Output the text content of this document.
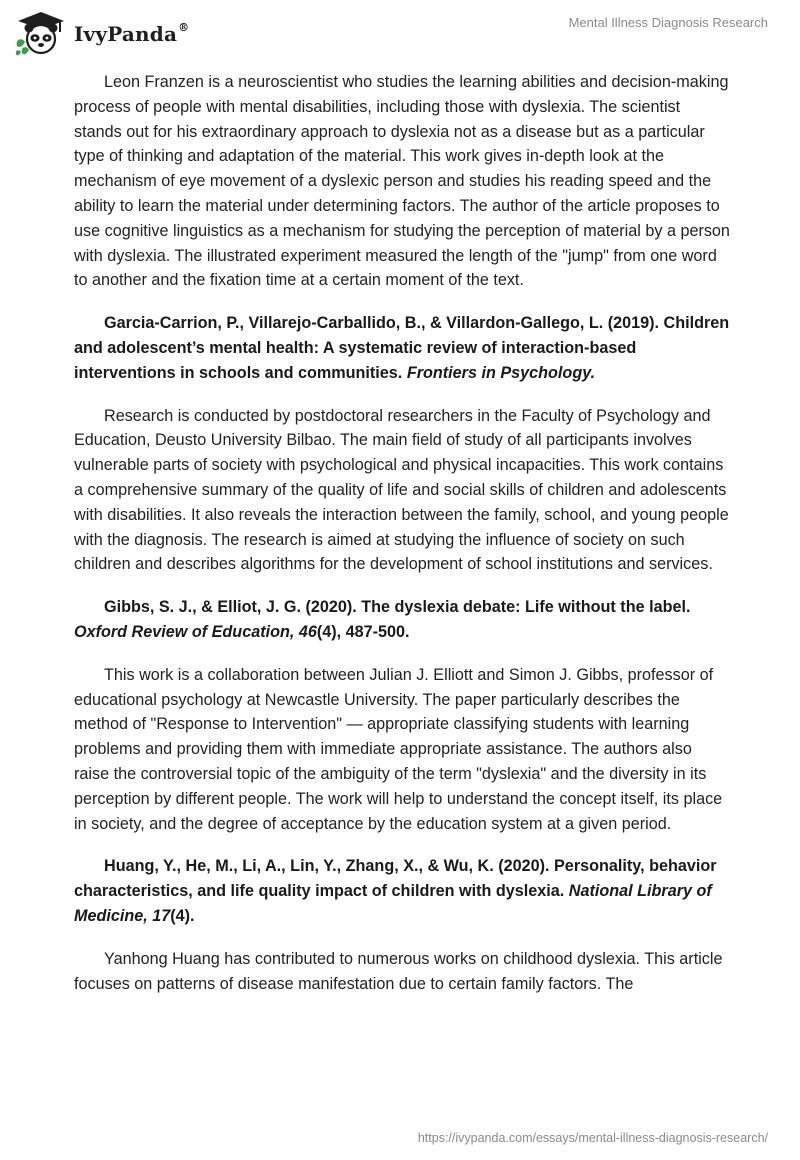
IvyPanda®	Mental Illness Diagnosis Research

Leon Franzen is a neuroscientist who studies the learning abilities and decision-making process of people with mental disabilities, including those with dyslexia. The scientist stands out for his extraordinary approach to dyslexia not as a disease but as a particular type of thinking and adaptation of the material. This work gives in-depth look at the mechanism of eye movement of a dyslexic person and studies his reading speed and the ability to learn the material under determining factors. The author of the article proposes to use cognitive linguistics as a mechanism for studying the perception of material by a person with dyslexia. The illustrated experiment measured the length of the "jump" from one word to another and the fixation time at a certain moment of the text.

Garcia-Carrion, P., Villarejo-Carballido, B., & Villardon-Gallego, L. (2019). Children and adolescent’s mental health: A systematic review of interaction-based interventions in schools and communities. Frontiers in Psychology.

Research is conducted by postdoctoral researchers in the Faculty of Psychology and Education, Deusto University Bilbao. The main field of study of all participants involves vulnerable parts of society with psychological and physical incapacities. This work contains a comprehensive summary of the quality of life and social skills of children and adolescents with disabilities. It also reveals the interaction between the family, school, and young people with the diagnosis. The research is aimed at studying the influence of society on such children and describes algorithms for the development of school institutions and services.

Gibbs, S. J., & Elliot, J. G. (2020). The dyslexia debate: Life without the label. Oxford Review of Education, 46(4), 487-500.

This work is a collaboration between Julian J. Elliott and Simon J. Gibbs, professor of educational psychology at Newcastle University. The paper particularly describes the method of "Response to Intervention" — appropriate classifying students with learning problems and providing them with immediate appropriate assistance. The authors also raise the controversial topic of the ambiguity of the term "dyslexia" and the diversity in its perception by different people. The work will help to understand the concept itself, its place in society, and the degree of acceptance by the education system at a given period.

Huang, Y., He, M., Li, A., Lin, Y., Zhang, X., & Wu, K. (2020). Personality, behavior characteristics, and life quality impact of children with dyslexia. National Library of Medicine, 17(4).

Yanhong Huang has contributed to numerous works on childhood dyslexia. This article focuses on patterns of disease manifestation due to certain family factors. The

https://ivypanda.com/essays/mental-illness-diagnosis-research/
